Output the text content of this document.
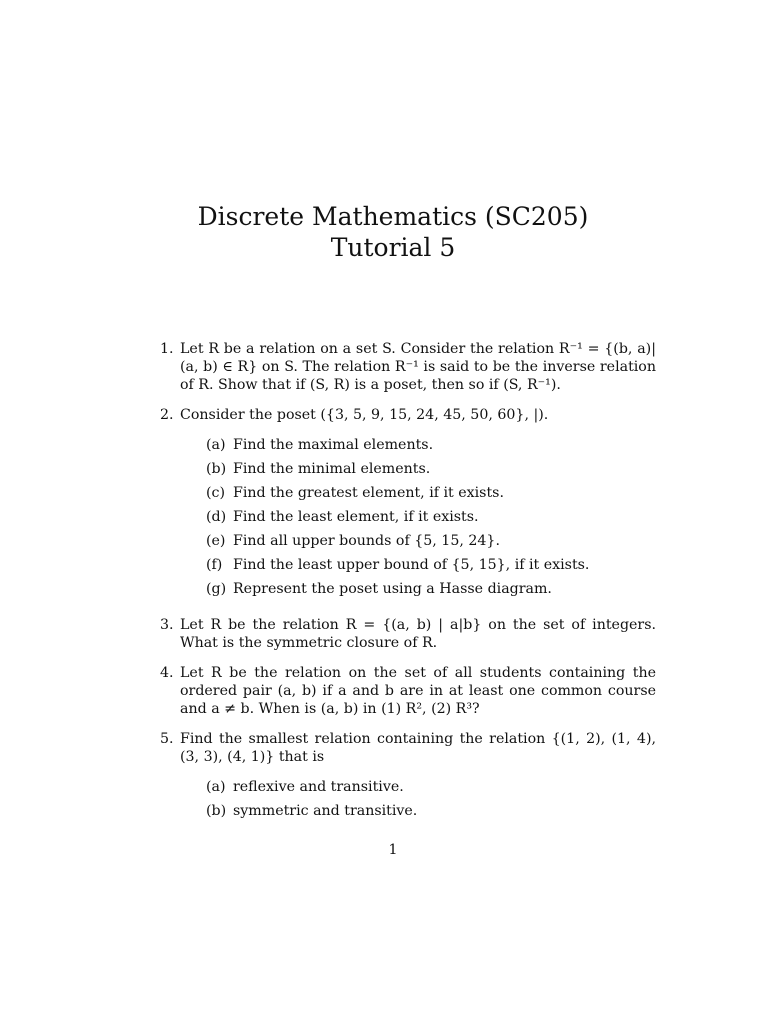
Discrete Mathematics (SC205)
Tutorial 5
1. Let R be a relation on a set S. Consider the relation R⁻¹ = {(b, a)|(a, b) ∈ R} on S. The relation R⁻¹ is said to be the inverse relation of R. Show that if (S, R) is a poset, then so if (S, R⁻¹).
2. Consider the poset ({3, 5, 9, 15, 24, 45, 50, 60}, |).
(a) Find the maximal elements.
(b) Find the minimal elements.
(c) Find the greatest element, if it exists.
(d) Find the least element, if it exists.
(e) Find all upper bounds of {5, 15, 24}.
(f) Find the least upper bound of {5, 15}, if it exists.
(g) Represent the poset using a Hasse diagram.
3. Let R be the relation R = {(a, b) | a|b} on the set of integers. What is the symmetric closure of R.
4. Let R be the relation on the set of all students containing the ordered pair (a, b) if a and b are in at least one common course and a ≠ b. When is (a, b) in (1) R², (2) R³?
5. Find the smallest relation containing the relation {(1, 2), (1, 4), (3, 3), (4, 1)} that is
(a) reflexive and transitive.
(b) symmetric and transitive.
1
